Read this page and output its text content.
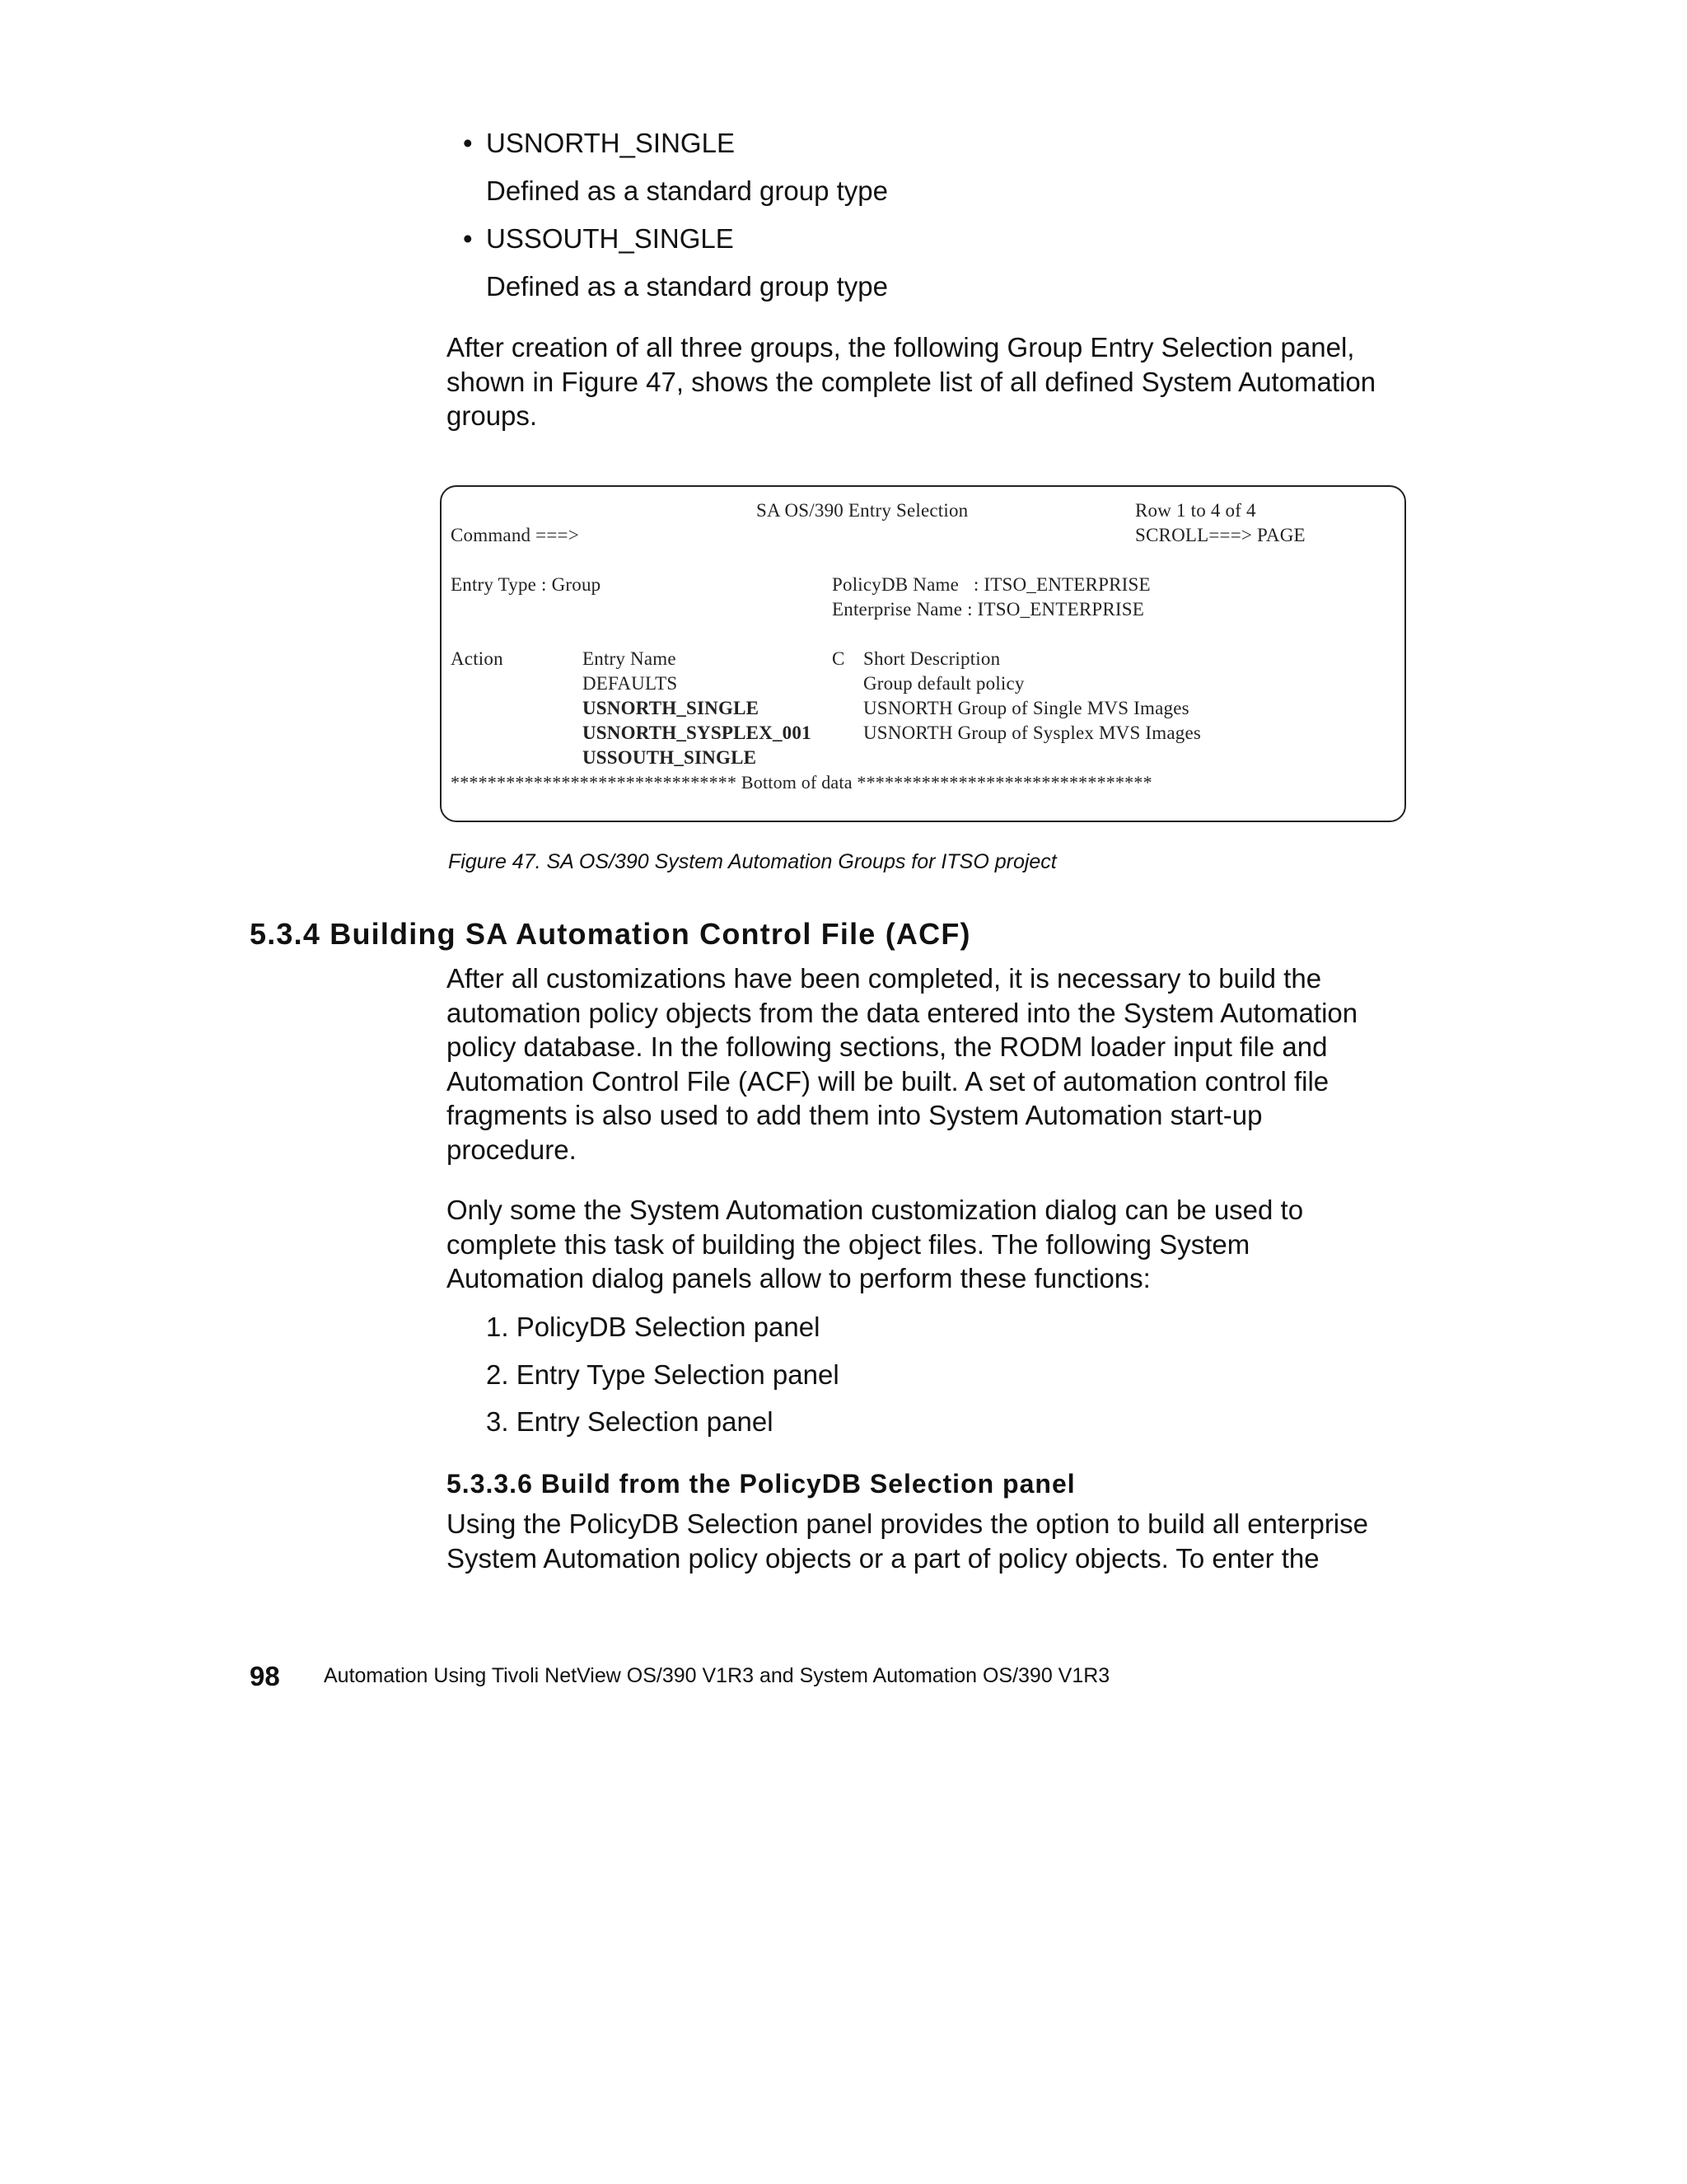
• USNORTH_SINGLE
Defined as a standard group type
• USSOUTH_SINGLE
Defined as a standard group type
After creation of all three groups, the following Group Entry Selection panel,
shown in Figure 47, shows the complete list of all defined System Automation
groups.
SA OS/390 Entry Selection	Row 1 to 4 of 4
Command ===>	SCROLL===> PAGE
Entry Type : Group	PolicyDB Name   : ITSO_ENTERPRISE
Enterprise Name : ITSO_ENTERPRISE
Action	Entry Name	C Short Description
DEFAULTS	Group default policy
USNORTH_SINGLE	USNORTH Group of Single MVS Images
USNORTH_SYSPLEX_001	USNORTH Group of Sysplex MVS Images
USSOUTH_SINGLE
******************************* Bottom of data ********************************
Figure 47. SA OS/390 System Automation Groups for ITSO project
5.3.4 Building SA Automation Control File (ACF)
After all customizations have been completed, it is necessary to build the
automation policy objects from the data entered into the System Automation
policy database. In the following sections, the RODM loader input file and
Automation Control File (ACF) will be built. A set of automation control file
fragments is also used to add them into System Automation start-up
procedure.
Only some the System Automation customization dialog can be used to
complete this task of building the object files. The following System
Automation dialog panels allow to perform these functions:
1. PolicyDB Selection panel
2. Entry Type Selection panel
3. Entry Selection panel
5.3.3.6 Build from the PolicyDB Selection panel
Using the PolicyDB Selection panel provides the option to build all enterprise
System Automation policy objects or a part of policy objects. To enter the
98 Automation Using Tivoli NetView OS/390 V1R3 and System Automation OS/390 V1R3
